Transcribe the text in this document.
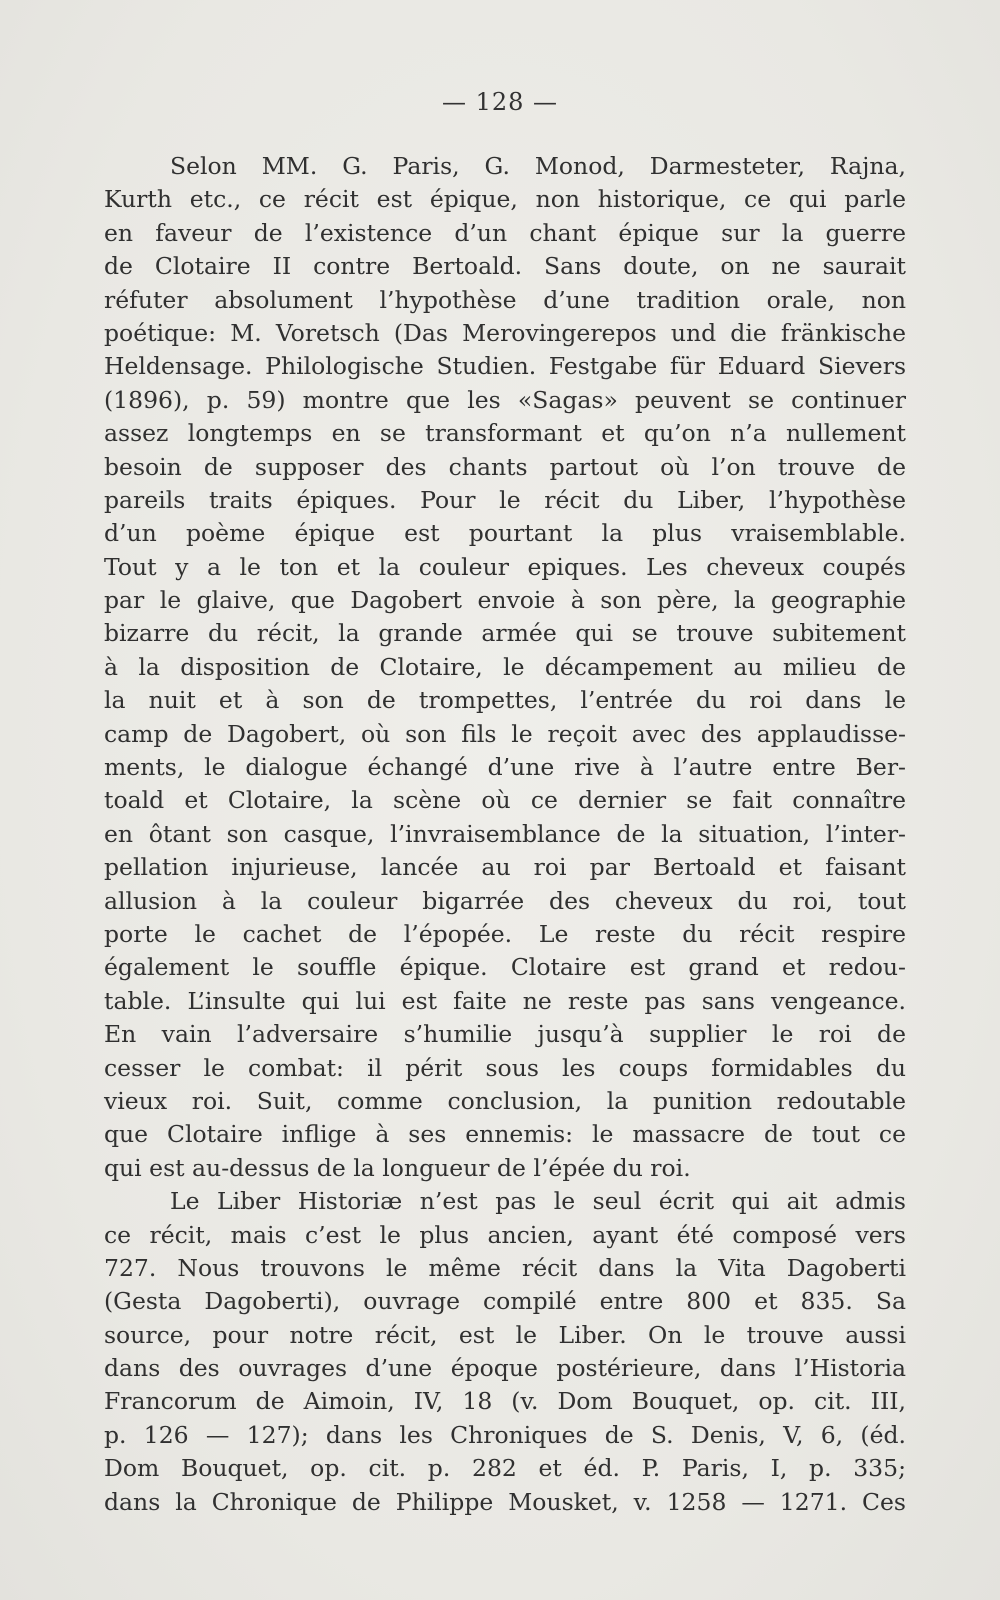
— 128 —
Selon MM. G. Paris, G. Monod, Darmesteter, Rajna,
Kurth etc., ce récit est épique, non historique, ce qui parle
en faveur de l’existence d’un chant épique sur la guerre
de Clotaire II contre Bertoald. Sans doute, on ne saurait
réfuter absolument l’hypothèse d’une tradition orale, non
poétique: M. Voretsch (Das Merovingerepos und die fränkische
Heldensage. Philologische Studien. Festgabe für Eduard Sievers
(1896), p. 59) montre que les «Sagas» peuvent se continuer
assez longtemps en se transformant et qu’on n’a nullement
besoin de supposer des chants partout où l’on trouve de
pareils traits épiques. Pour le récit du Liber, l’hypothèse
d’un poème épique est pourtant la plus vraisemblable.
Tout y a le ton et la couleur epiques. Les cheveux coupés
par le glaive, que Dagobert envoie à son père, la geographie
bizarre du récit, la grande armée qui se trouve subitement
à la disposition de Clotaire, le décampement au milieu de
la nuit et à son de trompettes, l’entrée du roi dans le
camp de Dagobert, où son fils le reçoit avec des applaudisse-
ments, le dialogue échangé d’une rive à l’autre entre Ber-
toald et Clotaire, la scène où ce dernier se fait connaître
en ôtant son casque, l’invraisemblance de la situation, l’inter-
pellation injurieuse, lancée au roi par Bertoald et faisant
allusion à la couleur bigarrée des cheveux du roi, tout
porte le cachet de l’épopée. Le reste du récit respire
également le souffle épique. Clotaire est grand et redou-
table. L’insulte qui lui est faite ne reste pas sans vengeance.
En vain l’adversaire s’humilie jusqu’à supplier le roi de
cesser le combat: il périt sous les coups formidables du
vieux roi. Suit, comme conclusion, la punition redoutable
que Clotaire inflige à ses ennemis: le massacre de tout ce
qui est au-dessus de la longueur de l’épée du roi.
Le Liber Historiæ n’est pas le seul écrit qui ait admis
ce récit, mais c’est le plus ancien, ayant été composé vers
727. Nous trouvons le même récit dans la Vita Dagoberti
(Gesta Dagoberti), ouvrage compilé entre 800 et 835. Sa
source, pour notre récit, est le Liber. On le trouve aussi
dans des ouvrages d’une époque postérieure, dans l’Historia
Francorum de Aimoin, IV, 18 (v. Dom Bouquet, op. cit. III,
p. 126 — 127); dans les Chroniques de S. Denis, V, 6, (éd.
Dom Bouquet, op. cit. p. 282 et éd. P. Paris, I, p. 335;
dans la Chronique de Philippe Mousket, v. 1258 — 1271. Ces
